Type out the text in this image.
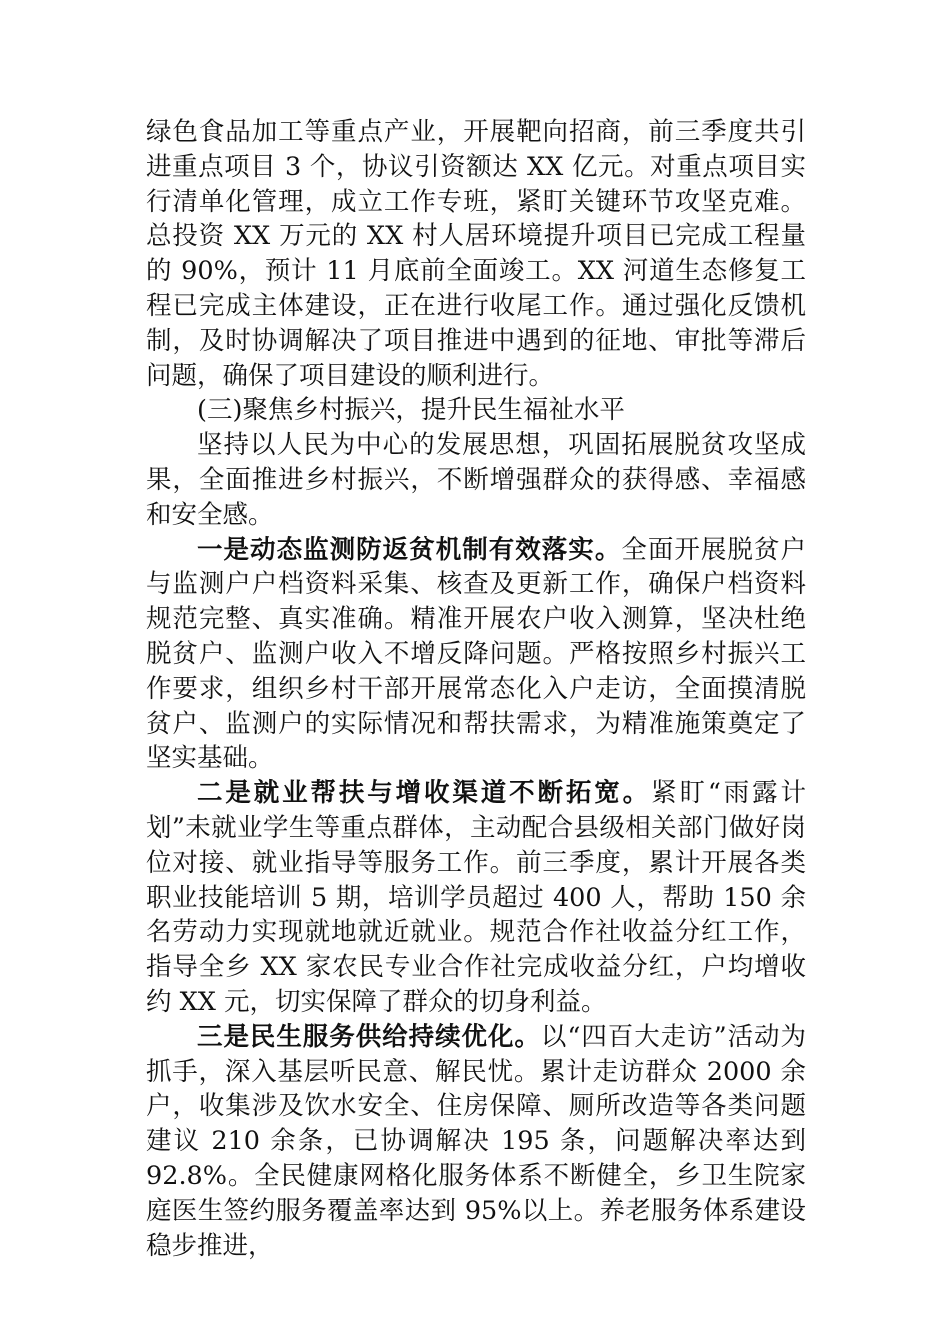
绿色食品加工等重点产业，开展靶向招商，前三季度共引进重点项目 3 个，协议引资额达 XX 亿元。对重点项目实行清单化管理，成立工作专班，紧盯关键环节攻坚克难。总投资 XX 万元的 XX 村人居环境提升项目已完成工程量的 90%，预计 11 月底前全面竣工。XX 河道生态修复工程已完成主体建设，正在进行收尾工作。通过强化反馈机制，及时协调解决了项目推进中遇到的征地、审批等滞后问题，确保了项目建设的顺利进行。

(三)聚焦乡村振兴，提升民生福祉水平

坚持以人民为中心的发展思想，巩固拓展脱贫攻坚成果，全面推进乡村振兴，不断增强群众的获得感、幸福感和安全感。

一是动态监测防返贫机制有效落实。全面开展脱贫户与监测户户档资料采集、核查及更新工作，确保户档资料规范完整、真实准确。精准开展农户收入测算，坚决杜绝脱贫户、监测户收入不增反降问题。严格按照乡村振兴工作要求，组织乡村干部开展常态化入户走访，全面摸清脱贫户、监测户的实际情况和帮扶需求，为精准施策奠定了坚实基础。

二是就业帮扶与增收渠道不断拓宽。紧盯“雨露计划”未就业学生等重点群体，主动配合县级相关部门做好岗位对接、就业指导等服务工作。前三季度，累计开展各类职业技能培训 5 期，培训学员超过 400 人，帮助 150 余名劳动力实现就地就近就业。规范合作社收益分红工作，指导全乡 XX 家农民专业合作社完成收益分红，户均增收约 XX 元，切实保障了群众的切身利益。

三是民生服务供给持续优化。以“四百大走访”活动为抓手，深入基层听民意、解民忧。累计走访群众 2000 余户，收集涉及饮水安全、住房保障、厕所改造等各类问题建议 210 余条，已协调解决 195 条，问题解决率达到 92.8%。全民健康网格化服务体系不断健全，乡卫生院家庭医生签约服务覆盖率达到 95%以上。养老服务体系建设稳步推进，
